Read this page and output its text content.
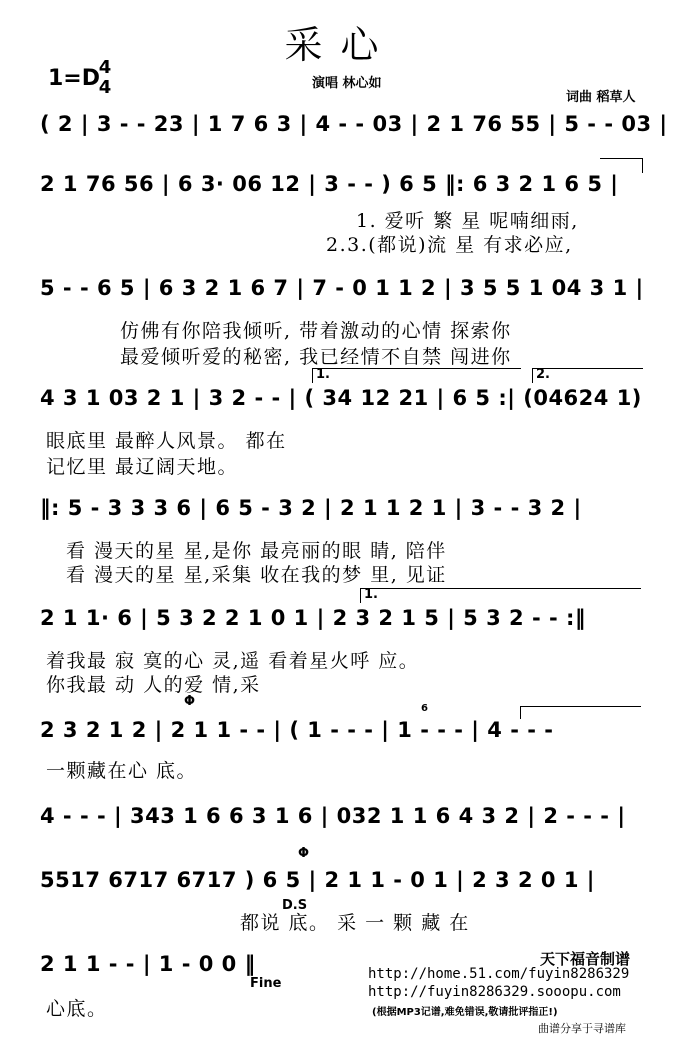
采心
1=D
4
4	演唱 林心如
词曲 稻草人
( 2 | 3 - - 23 | 1 7 6 3 | 4 - - 03 | 2 1 76 55 | 5 - - 03 |
2 1 76 56 | 6 3· 06 12 | 3 - - ) 6 5 ‖: 6 3 2 1 6 5 |
1. 爱听 繁 星 呢喃细雨,
2.3.(都说)流 星 有求必应,
5 - - 6 5 | 6 3 2 1 6 7 | 7 - 0 1 1 2 | 3 5 5 1 04 3 1 |
仿佛有你陪我倾听, 带着激动的心情 探索你
最爱倾听爱的秘密, 我已经情不自禁 闯进你
1.	2.
4 3 1 03 2 1 | 3 2 - - | ( 34 12 21 | 6 5 :| (04624 1)
眼底里 最醉人风景。 都在
记忆里 最辽阔天地。
‖: 5 - 3 3 3 6 | 6 5 - 3 2 | 2 1 1 2 1 | 3 - - 3 2 |
看 漫天的星 星,是你 最亮丽的眼 睛, 陪伴
看 漫天的星 星,采集 收在我的梦 里, 见证
1.
2 1 1· 6 | 5 3 2 2 1 0 1 | 2 3 2 1 5 | 5 3 2 - - :‖
着我最 寂 寞的心 灵,遥 看着星火呼 应。
你我最 动 人的爱 情,采
Φ	6
2 3 2 1 2 | 2 1 1 - - | ( 1 - - - | 1 - - - | 4 - - -
一颗藏在心 底。
4 - - - | 343 1 6 6 3 1 6 | 032 1 1 6 4 3 2 | 2 - - - |
Φ
5517 6717 6717 ) 6 5 | 2 1 1 - 0 1 | 2 3 2 0 1 |
D.S
都说 底。 采 一 颗 藏 在
2 1 1 - - | 1 - 0 0 ‖
Fine
心底。
天下福音制谱
http://home.51.com/fuyin8286329
http://fuyin8286329.sooopu.com
(根据MP3记谱,难免错误,敬请批评指正!)
曲谱分享于寻谱库
